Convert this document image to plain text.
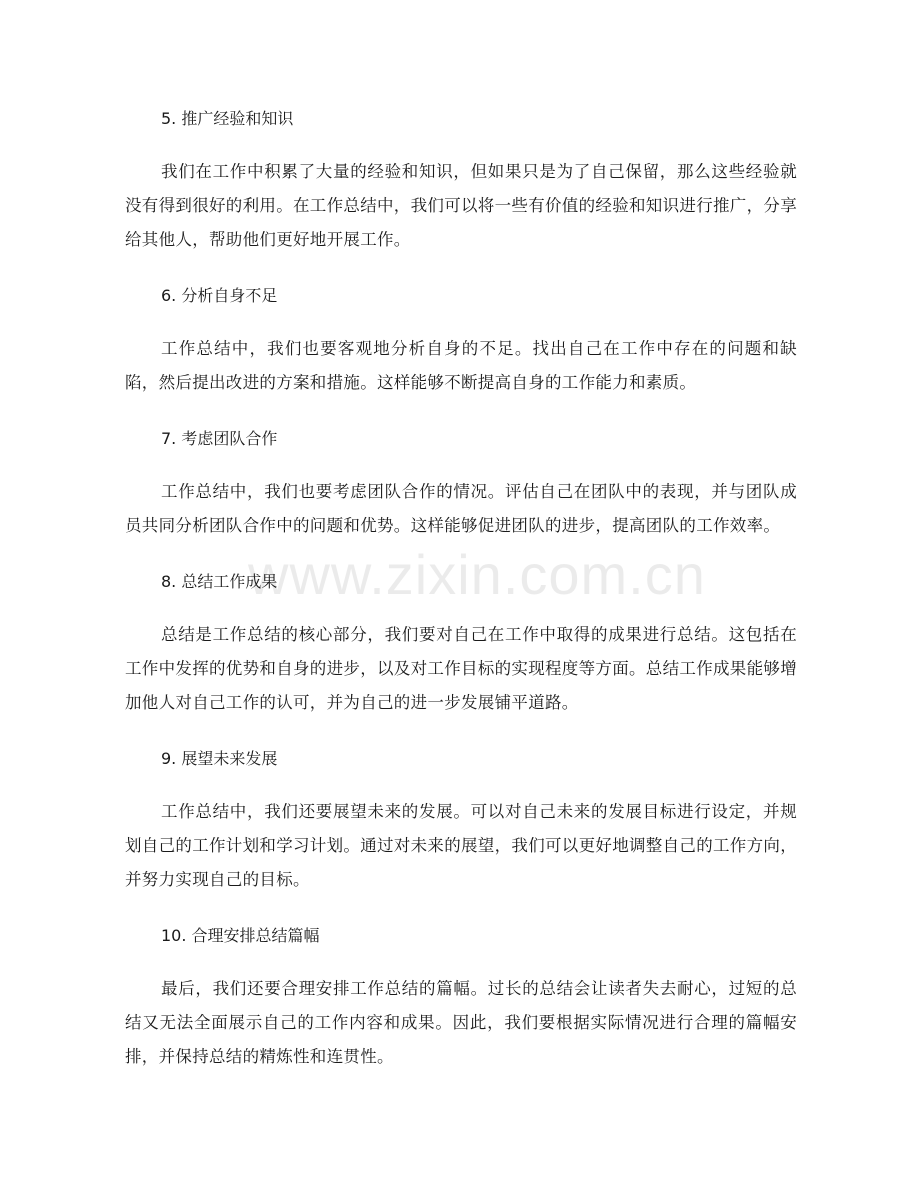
5. 推广经验和知识

我们在工作中积累了大量的经验和知识，但如果只是为了自己保留，那么这些经验就没有得到很好的利用。在工作总结中，我们可以将一些有价值的经验和知识进行推广，分享给其他人，帮助他们更好地开展工作。

6. 分析自身不足

工作总结中，我们也要客观地分析自身的不足。找出自己在工作中存在的问题和缺陷，然后提出改进的方案和措施。这样能够不断提高自身的工作能力和素质。

7. 考虑团队合作

工作总结中，我们也要考虑团队合作的情况。评估自己在团队中的表现，并与团队成员共同分析团队合作中的问题和优势。这样能够促进团队的进步，提高团队的工作效率。

8. 总结工作成果

总结是工作总结的核心部分，我们要对自己在工作中取得的成果进行总结。这包括在工作中发挥的优势和自身的进步，以及对工作目标的实现程度等方面。总结工作成果能够增加他人对自己工作的认可，并为自己的进一步发展铺平道路。

9. 展望未来发展

工作总结中，我们还要展望未来的发展。可以对自己未来的发展目标进行设定，并规划自己的工作计划和学习计划。通过对未来的展望，我们可以更好地调整自己的工作方向，并努力实现自己的目标。

10. 合理安排总结篇幅

最后，我们还要合理安排工作总结的篇幅。过长的总结会让读者失去耐心，过短的总结又无法全面展示自己的工作内容和成果。因此，我们要根据实际情况进行合理的篇幅安排，并保持总结的精炼性和连贯性。

www.zixin.com.cn
